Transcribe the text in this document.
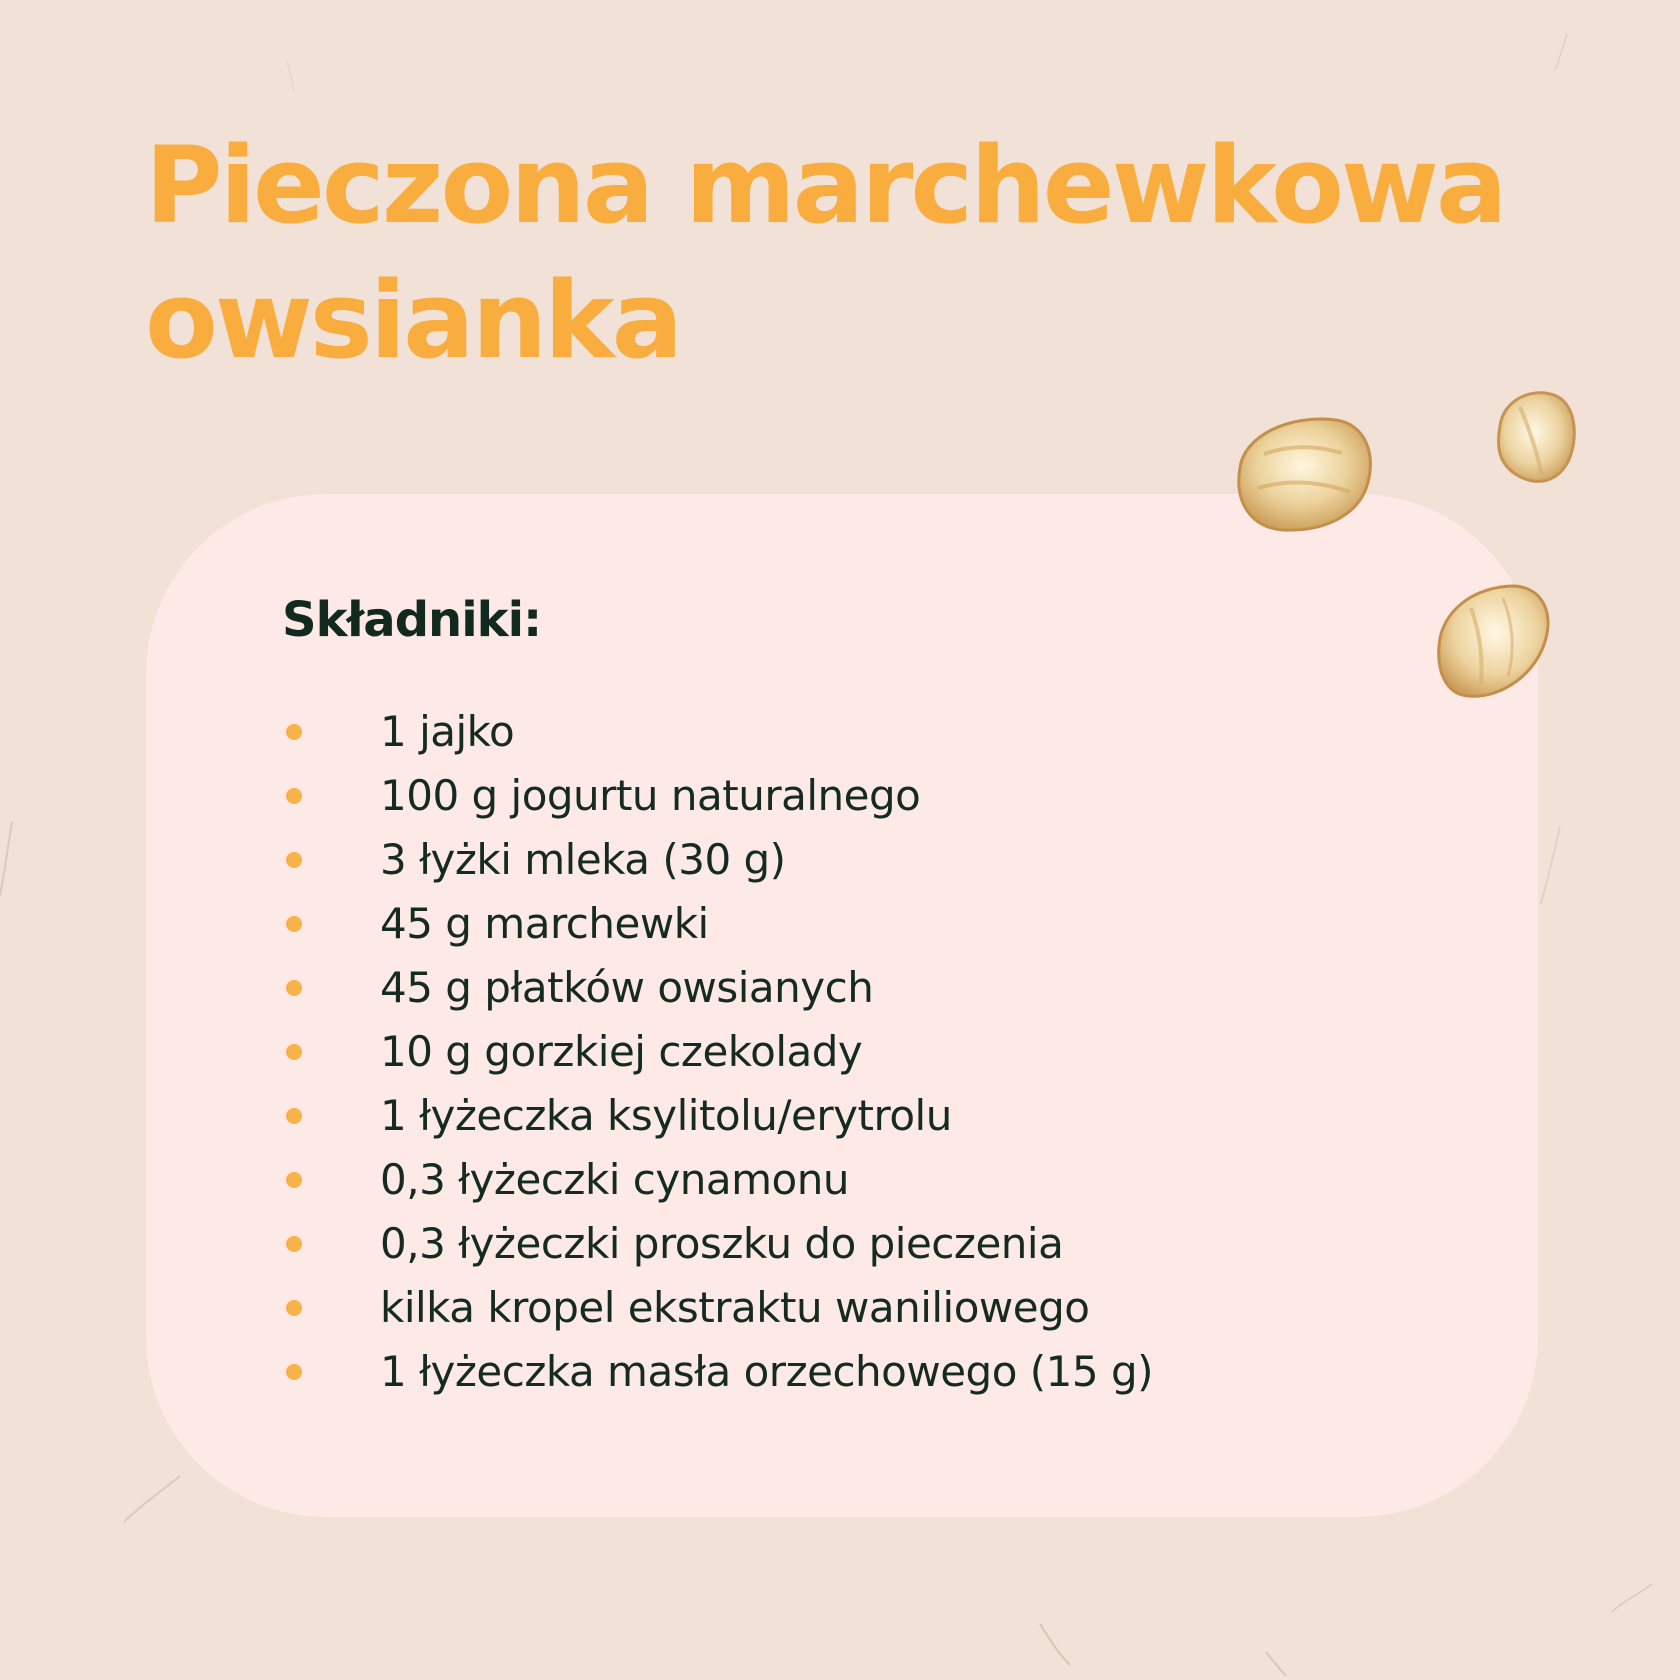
Pieczona marchewkowa
owsianka
Składniki:
1 jajko
100 g jogurtu naturalnego
3 łyżki mleka (30 g)
45 g marchewki
45 g płatków owsianych
10 g gorzkiej czekolady
1 łyżeczka ksylitolu/erytrolu
0,3 łyżeczki cynamonu
0,3 łyżeczki proszku do pieczenia
kilka kropel ekstraktu waniliowego
1 łyżeczka masła orzechowego (15 g)
